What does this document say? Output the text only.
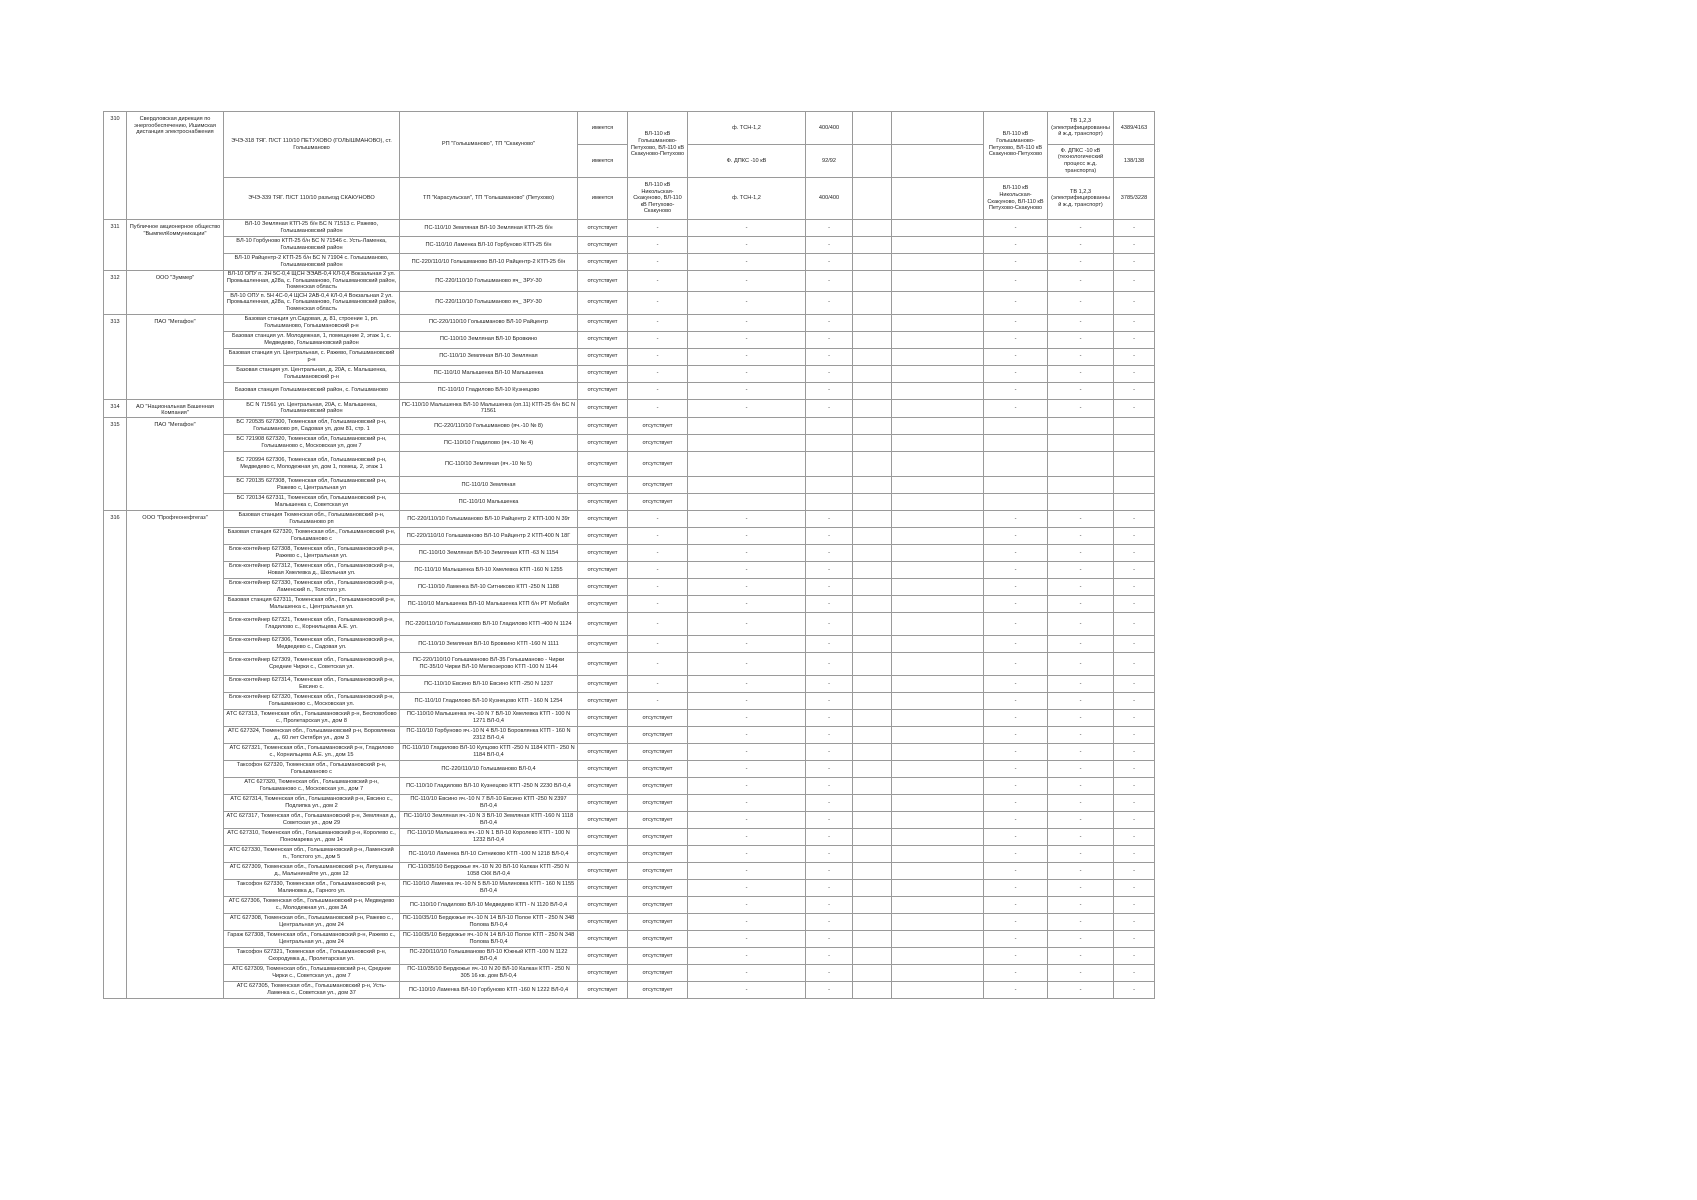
310	Свердловская дирекция по энергообеспечению, Ишимская дистанция электроснабжения	ЭЧЭ-318 ТЯГ. П/СТ 110/10 ПЕТУХОВО (ГОЛЫШМАНОВО), ст. Голышманово	РП "Голышманово", ТП "Скакуново"	имеется	ВЛ-110 кВ Голышманово-Петухово, ВЛ-110 кВ Скакуново-Петухово	ф. ТСН-1,2	400/400			ВЛ-110 кВ Голышманово-Петухово, ВЛ-110 кВ Скакуново-Петухово	ТВ 1,2,3 (электрифицированный ж.д. транспорт)	4389/4163
				имеется		Ф. ДПКС -10 кВ	92/92				Ф. ДПКС -10 кВ (технологический процесс ж.д. транспорта)	138/138
		ЭЧЭ-339 ТЯГ. П/СТ 110/10 разъезд СКАКУНОВО	ТП "Карасульская", ТП "Голышманово" (Петухово)	имеется	ВЛ-110 кВ Никольская-Скакуново, ВЛ-110 кВ Петухово-Скакуново	ф. ТСН-1,2	400/400			ВЛ-110 кВ Никольская-Скакуново, ВЛ-110 кВ Петухово-Скакуново	ТВ 1,2,3 (электрифицированный ж.д. транспорт)	3785/3228
311	Публичное акционерное общество "ВымпелКоммуникации"	ВЛ-10 Земляная КТП-25 б/н БС N 71513 с. Ражево, Голышмановский район	ПС-110/10 Земляная ВЛ-10 Земляная КТП-25 б/н	отсутствует	-	-	-			-	-	-
		ВЛ-10 Горбуново КТП-25 б/н БС N 71546 с. Усть-Ламенка, Голышмановский район	ПС-110/10 Ламенка ВЛ-10 Горбуново КТП-25 б/н	отсутствует	-	-	-			-	-	-
		ВЛ-10 Райцентр-2 КТП-25 б/н БС N 71904 с. Голышманово, Голышмановский район	ПС-220/110/10 Голышманово ВЛ-10 Райцентр-2 КТП-25 б/н	отсутствует	-	-	-			-	-	-
312	ООО "Зуммер"	ВЛ-10 ОПУ п. 2Н 5С-0,4 ЩСН ЭЭАВ-0,4 КЛ-0,4 Вокзальная 2 ул. Промышленная, д28а, с. Голышманово, Голышмановский район, Тюменская область	ПС-220/110/10 Голышманово яч_ ЗРУ-30	отсутствует	-	-	-			-	-	-
		ВЛ-10 ОПУ п. 5Н 4С-0,4 ЩСН 2АВ-0,4 КЛ-0,4 Вокзальная 2 ул. Промышленная, д28а, с. Голышманово, Голышмановский район, Тюменская область	ПС-220/110/10 Голышманово яч_ ЗРУ-30	отсутствует	-	-	-			-	-	-
313	ПАО "Мегафон"	Базовая станция ул.Садовая, д. 81, строение 1, рп. Голышманово, Голышмановский р-н	ПС-220/110/10 Голышманово ВЛ-10 Райцентр	отсутствует	-	-	-			-	-	-
		Базовая станция ул. Молодежная, 1, помещение 2, этаж 1, с. Медведево, Голышмановский район	ПС-110/10 Земляная ВЛ-10 Бровкино	отсутствует	-	-	-			-	-	-
		Базовая станция ул. Центральная, с. Ражево, Голышмановский р-н	ПС-110/10 Земляная ВЛ-10 Земляная	отсутствует	-	-	-			-	-	-
		Базовая станция ул. Центральная, д. 20А, с. Малышенка, Голышмановский р-н	ПС-110/10 Малышенка ВЛ-10 Малышенка	отсутствует	-	-	-			-	-	-
		Базовая станция Голышмановский район, с. Голышманово	ПС-110/10 Гладилово ВЛ-10 Кузнецово	отсутствует	-	-	-			-	-	-
314	АО "Национальная Башенная Компания"	БС N 71561 ул. Центральная, 20А, с. Малышенка, Голышмановский район	ПС-110/10 Малышенка ВЛ-10 Малышенка (оп.11) КТП-25 б/н БС N 71561	отсутствует	-	-	-			-	-	-
315	ПАО "Мегафон"	БС 720535 627300, Тюменская обл, Голышмановский р-н, Голышманово рп, Садовая ул, дом 81, стр. 1	ПС-220/110/10 Голышманово (яч.-10 № 8)	отсутствует	отсутствует							
		БС 721908 627320, Тюменская обл, Голышмановский р-н, Голышманово с, Московская ул, дом 7	ПС-110/10 Гладилово (яч.-10 № 4)	отсутствует	отсутствует							
		БС 720994 627306, Тюменская обл, Голышмановский р-н, Медведево с, Молодежная ул, дом 1, помещ. 2, этаж 1	ПС-110/10 Земляная (яч.-10 № 5)	отсутствует	отсутствует							
		БС 720135 627308, Тюменская обл, Голышмановский р-н, Ражево с, Центральная ул	ПС-110/10 Земляная	отсутствует	отсутствует							
		БС 720134 627311, Тюменская обл, Голышмановский р-н, Малышенка с, Советская ул	ПС-110/10 Малышенка	отсутствует	отсутствует							
316	ООО "Профгеонефтегаз"	Базовая станция Тюменская обл., Голышмановский р-н, Голышманово рп	ПС-220/110/10 Голышманово ВЛ-10 Райцентр 2 КТП-100 N 39г	отсутствует	-	-	-			-	-	-
		Базовая станция 627320, Тюменская обл., Голышмановский р-н, Голышманово с	ПС-220/110/10 Голышманово ВЛ-10 Райцентр 2 КТП-400 N 18Г	отсутствует	-	-	-			-	-	-
		Блок-контейнер 627308, Тюменская обл., Голышмановский р-н, Ражево с., Центральная ул.	ПС-110/10 Земляная ВЛ-10 Земляная КТП -63 N 1154	отсутствует	-	-	-			-	-	-
		Блок-контейнер 627312, Тюменская обл., Голышмановский р-н, Новая Хмелевка д., Школьная ул.	ПС-110/10 Малышенка ВЛ-10 Хмелевка КТП -160 N 1255	отсутствует	-	-	-			-	-	-
		Блок-контейнер 627330, Тюменская обл., Голышмановский р-н, Ламенский п., Толстого ул.	ПС-110/10 Ламенка ВЛ-10 Ситниково КТП -250 N 1188	отсутствует	-	-	-			-	-	-
		Базовая станция 627311, Тюменская обл., Голышмановский р-н, Малышенка с., Центральная ул.	ПС-110/10 Малышенка ВЛ-10 Малышенка КТП б/н РТ Мобайл	отсутствует	-	-	-			-	-	-
		Блок-контейнер 627321, Тюменская обл., Голышмановский р-н, Гладилово с., Корнильцева А.Е. ул.	ПС-220/110/10 Голышманово ВЛ-10 Гладилово КТП -400 N 1124	отсутствует	-	-	-			-	-	-
		Блок-контейнер 627306, Тюменская обл., Голышмановский р-н, Медведево с., Садовая ул.	ПС-110/10 Земляная ВЛ-10 Бровкино КТП -160 N 1111	отсутствует	-	-	-			-	-	-
		Блок-контейнер 627309, Тюменская обл., Голышмановский р-н, Средние Чирки с., Советская ул.	ПС-220/110/10 Голышманово ВЛ-35 Голышманово - Чирки ПС-35/10 Чирки ВЛ-10 Мелкозерово КТП -100 N 1144	отсутствует	-	-	-			-	-	-
		Блок-контейнер 627314, Тюменская обл., Голышмановский р-н, Евсино с.	ПС-110/10 Евсино ВЛ-10 Евсино КТП -250 N 1237	отсутствует	-	-	-			-	-	-
		Блок-контейнер 627320, Тюменская обл., Голышмановский р-н, Голышманово с., Московская ул.	ПС-110/10 Гладилово ВЛ-10 Кузнецово КТП - 160 N 1254	отсутствует	-	-	-			-	-	-
		АТС 627313, Тюменская обл., Голышмановский р-н, Бесповобово с., Пролетарская ул., дом 8	ПС-110/10 Малышенка яч.-10 N 7 ВЛ-10 Хмелевка КТП - 100 N 1271 ВЛ-0,4	отсутствует	отсутствует	-	-			-	-	-
		АТС 627324, Тюменская обл., Голышмановский р-н, Боровлянка д., 60 лет Октября ул., дом 3	ПС-110/10 Горбуново яч.-10 N 4 ВЛ-10 Боровлянка КТП - 160 N 2312 ВЛ-0,4	отсутствует	отсутствует	-	-			-	-	-
		АТС 627321, Тюменская обл., Голышмановский р-н, Гладилово с., Корнильцева А.Е. ул., дом 15	ПС-110/10 Гладилово ВЛ-10 Купцово КТП -250 N 1184 КТП - 250 N 1184 ВЛ-0,4	отсутствует	отсутствует	-	-			-	-	-
		Таксофон 627320, Тюменская обл., Голышмановский р-н, Голышманово с	ПС-220/110/10 Голышманово ВЛ-0,4	отсутствует	отсутствует	-	-			-	-	-
		АТС 627320, Тюменская обл., Голышмановский р-н, Голышманово с., Московская ул., дом 7	ПС-110/10 Гладилово ВЛ-10 Кузнецово КТП -250 N 2230 ВЛ-0,4	отсутствует	отсутствует	-	-			-	-	-
		АТС 627314, Тюменская обл., Голышмановский р-н, Евсино с., Подлипка ул., дом 2	ПС-110/10 Евсино яч.-10 N 7 ВЛ-10 Евсино КТП -250 N 2397 ВЛ-0,4	отсутствует	отсутствует	-	-			-	-	-
		АТС 627317, Тюменская обл., Голышмановский р-н, Земляная д., Советская ул., дом 29	ПС-110/10 Земляная яч.-10 N 3 ВЛ-10 Земляная КТП -160 N 1118 ВЛ-0,4	отсутствует	отсутствует	-	-			-	-	-
		АТС 627310, Тюменская обл., Голышмановский р-н, Королево с., Пономарева ул., дом 14	ПС-110/10 Малышенка яч.-10 N 1 ВЛ-10 Королево КТП - 100 N 1232 ВЛ-0,4	отсутствует	отсутствует	-	-			-	-	-
		АТС 627330, Тюменская обл., Голышмановский р-н, Ламенский п., Толстого ул., дом 5	ПС-110/10 Ламенка ВЛ-10 Ситниково КТП -100 N 1218 ВЛ-0,4	отсутствует	отсутствует	-	-			-	-	-
		АТС 627309, Тюменская обл., Голышмановский р-н, Липушаны д., Малынинайте ул., дом 12	ПС-110/35/10 Бердюжье яч.-10 N 20 ВЛ-10 Калкан КТП -250 N 1058 СКК ВЛ-0,4	отсутствует	отсутствует	-	-			-	-	-
		Таксофон 627330, Тюменская обл., Голышмановский р-н, Малиновка д., Гарного ул.	ПС-110/10 Ламенка яч.-10 N 5 ВЛ-10 Малиновка КТП - 160 N 1155 ВЛ-0,4	отсутствует	отсутствует	-	-			-	-	-
		АТС 627306, Тюменская обл., Голышмановский р-н, Медведево с., Молодежная ул., дом 3А	ПС-110/10 Гладилово ВЛ-10 Медведево КТП - N 1120 ВЛ-0,4	отсутствует	отсутствует	-	-			-	-	-
		АТС 627308, Тюменская обл., Голышмановский р-н, Ражево с., Центральная ул., дом 24	ПС-110/35/10 Бердюжье яч.-10 N 14 ВЛ-10 Полое КТП - 250 N 348 Полова ВЛ-0,4	отсутствует	отсутствует	-	-			-	-	-
		Гараж 627308, Тюменская обл., Голышмановский р-н, Ражево с., Центральная ул., дом 24	ПС-110/35/10 Бердюжье яч.-10 N 14 ВЛ-10 Полое КТП - 250 N 348 Полова ВЛ-0,4	отсутствует	отсутствует	-	-			-	-	-
		Таксофон 627321, Тюменская обл., Голышмановский р-н, Скородумка д., Пролетарская ул.	ПС-220/110/10 Голышманово ВЛ-10 Южный КТП -100 N 1122 ВЛ-0,4	отсутствует	отсутствует	-	-			-	-	-
		АТС 627309, Тюменская обл., Голышмановский р-н, Средние Чирки с., Советская ул., дом 7	ПС-110/35/10 Бердюжье яч.-10 N 20 ВЛ-10 Калкан КТП - 250 N 305 16 кв. дом ВЛ-0,4	отсутствует	отсутствует	-	-			-	-	-
		АТС 627305, Тюменская обл., Голышмановский р-н, Усть-Ламенка с., Советская ул., дом 37	ПС-110/10 Ламенка ВЛ-10 Горбуново КТП -160 N 1222 ВЛ-0,4	отсутствует	отсутствует	-	-			-	-	-
